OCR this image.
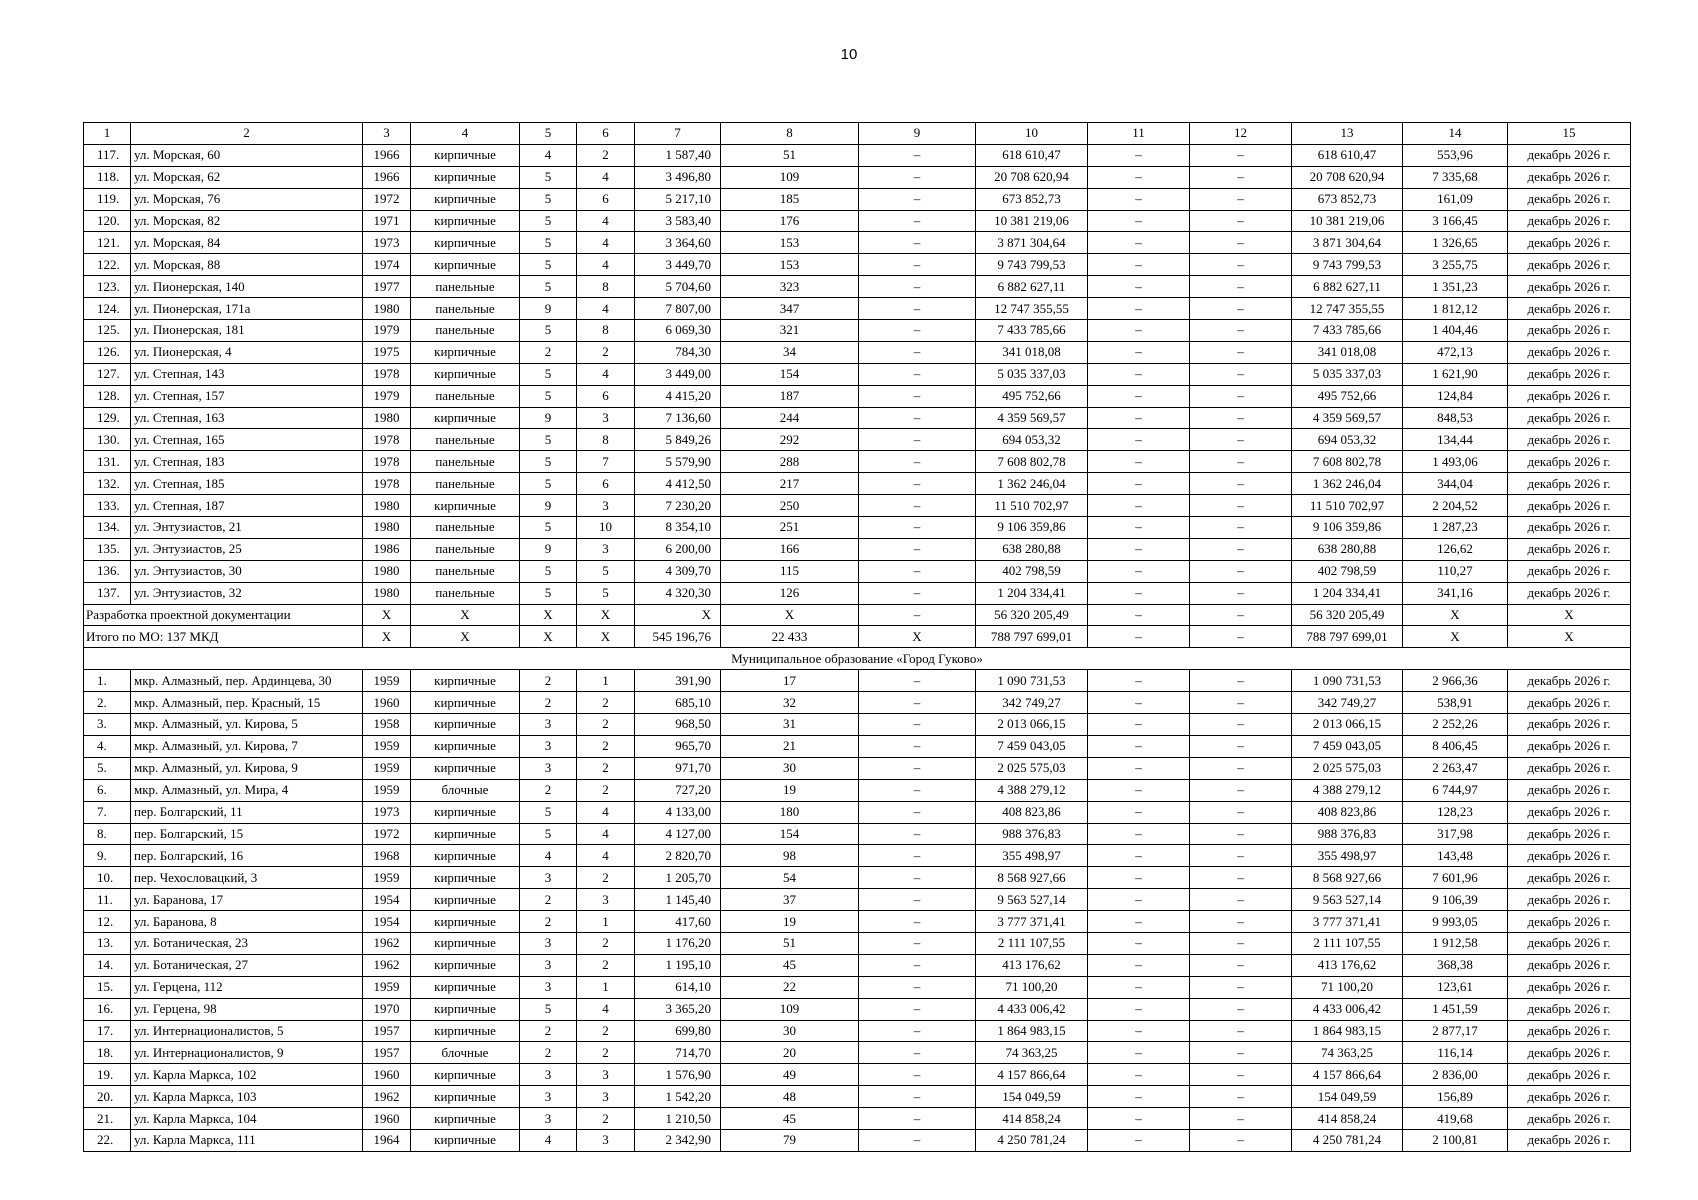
10
1	2	3	4	5	6	7	8	9	10	11	12	13	14	15
117.	ул. Морская, 60	1966	кирпичные	4	2	1 587,40	51	–	618 610,47	–	–	618 610,47	553,96	декабрь 2026 г.
118.	ул. Морская, 62	1966	кирпичные	5	4	3 496,80	109	–	20 708 620,94	–	–	20 708 620,94	7 335,68	декабрь 2026 г.
119.	ул. Морская, 76	1972	кирпичные	5	6	5 217,10	185	–	673 852,73	–	–	673 852,73	161,09	декабрь 2026 г.
120.	ул. Морская, 82	1971	кирпичные	5	4	3 583,40	176	–	10 381 219,06	–	–	10 381 219,06	3 166,45	декабрь 2026 г.
121.	ул. Морская, 84	1973	кирпичные	5	4	3 364,60	153	–	3 871 304,64	–	–	3 871 304,64	1 326,65	декабрь 2026 г.
122.	ул. Морская, 88	1974	кирпичные	5	4	3 449,70	153	–	9 743 799,53	–	–	9 743 799,53	3 255,75	декабрь 2026 г.
123.	ул. Пионерская, 140	1977	панельные	5	8	5 704,60	323	–	6 882 627,11	–	–	6 882 627,11	1 351,23	декабрь 2026 г.
124.	ул. Пионерская, 171а	1980	панельные	9	4	7 807,00	347	–	12 747 355,55	–	–	12 747 355,55	1 812,12	декабрь 2026 г.
125.	ул. Пионерская, 181	1979	панельные	5	8	6 069,30	321	–	7 433 785,66	–	–	7 433 785,66	1 404,46	декабрь 2026 г.
126.	ул. Пионерская, 4	1975	кирпичные	2	2	784,30	34	–	341 018,08	–	–	341 018,08	472,13	декабрь 2026 г.
127.	ул. Степная, 143	1978	кирпичные	5	4	3 449,00	154	–	5 035 337,03	–	–	5 035 337,03	1 621,90	декабрь 2026 г.
128.	ул. Степная, 157	1979	панельные	5	6	4 415,20	187	–	495 752,66	–	–	495 752,66	124,84	декабрь 2026 г.
129.	ул. Степная, 163	1980	кирпичные	9	3	7 136,60	244	–	4 359 569,57	–	–	4 359 569,57	848,53	декабрь 2026 г.
130.	ул. Степная, 165	1978	панельные	5	8	5 849,26	292	–	694 053,32	–	–	694 053,32	134,44	декабрь 2026 г.
131.	ул. Степная, 183	1978	панельные	5	7	5 579,90	288	–	7 608 802,78	–	–	7 608 802,78	1 493,06	декабрь 2026 г.
132.	ул. Степная, 185	1978	панельные	5	6	4 412,50	217	–	1 362 246,04	–	–	1 362 246,04	344,04	декабрь 2026 г.
133.	ул. Степная, 187	1980	кирпичные	9	3	7 230,20	250	–	11 510 702,97	–	–	11 510 702,97	2 204,52	декабрь 2026 г.
134.	ул. Энтузиастов, 21	1980	панельные	5	10	8 354,10	251	–	9 106 359,86	–	–	9 106 359,86	1 287,23	декабрь 2026 г.
135.	ул. Энтузиастов, 25	1986	панельные	9	3	6 200,00	166	–	638 280,88	–	–	638 280,88	126,62	декабрь 2026 г.
136.	ул. Энтузиастов, 30	1980	панельные	5	5	4 309,70	115	–	402 798,59	–	–	402 798,59	110,27	декабрь 2026 г.
137.	ул. Энтузиастов, 32	1980	панельные	5	5	4 320,30	126	–	1 204 334,41	–	–	1 204 334,41	341,16	декабрь 2026 г.
Разработка проектной документации		X	X	X	X	X	X	–	56 320 205,49	–	–	56 320 205,49	X	X
Итого по МО: 137 МКД		X	X	X	X	545 196,76	22 433	X	788 797 699,01	–	–	788 797 699,01	X	X
Муниципальное образование «Город Гуково»														
1.	мкр. Алмазный, пер. Ардинцева, 30	1959	кирпичные	2	1	391,90	17	–	1 090 731,53	–	–	1 090 731,53	2 966,36	декабрь 2026 г.
2.	мкр. Алмазный, пер. Красный, 15	1960	кирпичные	2	2	685,10	32	–	342 749,27	–	–	342 749,27	538,91	декабрь 2026 г.
3.	мкр. Алмазный, ул. Кирова, 5	1958	кирпичные	3	2	968,50	31	–	2 013 066,15	–	–	2 013 066,15	2 252,26	декабрь 2026 г.
4.	мкр. Алмазный, ул. Кирова, 7	1959	кирпичные	3	2	965,70	21	–	7 459 043,05	–	–	7 459 043,05	8 406,45	декабрь 2026 г.
5.	мкр. Алмазный, ул. Кирова, 9	1959	кирпичные	3	2	971,70	30	–	2 025 575,03	–	–	2 025 575,03	2 263,47	декабрь 2026 г.
6.	мкр. Алмазный, ул. Мира, 4	1959	блочные	2	2	727,20	19	–	4 388 279,12	–	–	4 388 279,12	6 744,97	декабрь 2026 г.
7.	пер. Болгарский, 11	1973	кирпичные	5	4	4 133,00	180	–	408 823,86	–	–	408 823,86	128,23	декабрь 2026 г.
8.	пер. Болгарский, 15	1972	кирпичные	5	4	4 127,00	154	–	988 376,83	–	–	988 376,83	317,98	декабрь 2026 г.
9.	пер. Болгарский, 16	1968	кирпичные	4	4	2 820,70	98	–	355 498,97	–	–	355 498,97	143,48	декабрь 2026 г.
10.	пер. Чехословацкий, 3	1959	кирпичные	3	2	1 205,70	54	–	8 568 927,66	–	–	8 568 927,66	7 601,96	декабрь 2026 г.
11.	ул. Баранова, 17	1954	кирпичные	2	3	1 145,40	37	–	9 563 527,14	–	–	9 563 527,14	9 106,39	декабрь 2026 г.
12.	ул. Баранова, 8	1954	кирпичные	2	1	417,60	19	–	3 777 371,41	–	–	3 777 371,41	9 993,05	декабрь 2026 г.
13.	ул. Ботаническая, 23	1962	кирпичные	3	2	1 176,20	51	–	2 111 107,55	–	–	2 111 107,55	1 912,58	декабрь 2026 г.
14.	ул. Ботаническая, 27	1962	кирпичные	3	2	1 195,10	45	–	413 176,62	–	–	413 176,62	368,38	декабрь 2026 г.
15.	ул. Герцена, 112	1959	кирпичные	3	1	614,10	22	–	71 100,20	–	–	71 100,20	123,61	декабрь 2026 г.
16.	ул. Герцена, 98	1970	кирпичные	5	4	3 365,20	109	–	4 433 006,42	–	–	4 433 006,42	1 451,59	декабрь 2026 г.
17.	ул. Интернационалистов, 5	1957	кирпичные	2	2	699,80	30	–	1 864 983,15	–	–	1 864 983,15	2 877,17	декабрь 2026 г.
18.	ул. Интернационалистов, 9	1957	блочные	2	2	714,70	20	–	74 363,25	–	–	74 363,25	116,14	декабрь 2026 г.
19.	ул. Карла Маркса, 102	1960	кирпичные	3	3	1 576,90	49	–	4 157 866,64	–	–	4 157 866,64	2 836,00	декабрь 2026 г.
20.	ул. Карла Маркса, 103	1962	кирпичные	3	3	1 542,20	48	–	154 049,59	–	–	154 049,59	156,89	декабрь 2026 г.
21.	ул. Карла Маркса, 104	1960	кирпичные	3	2	1 210,50	45	–	414 858,24	–	–	414 858,24	419,68	декабрь 2026 г.
22.	ул. Карла Маркса, 111	1964	кирпичные	4	3	2 342,90	79	–	4 250 781,24	–	–	4 250 781,24	2 100,81	декабрь 2026 г.
